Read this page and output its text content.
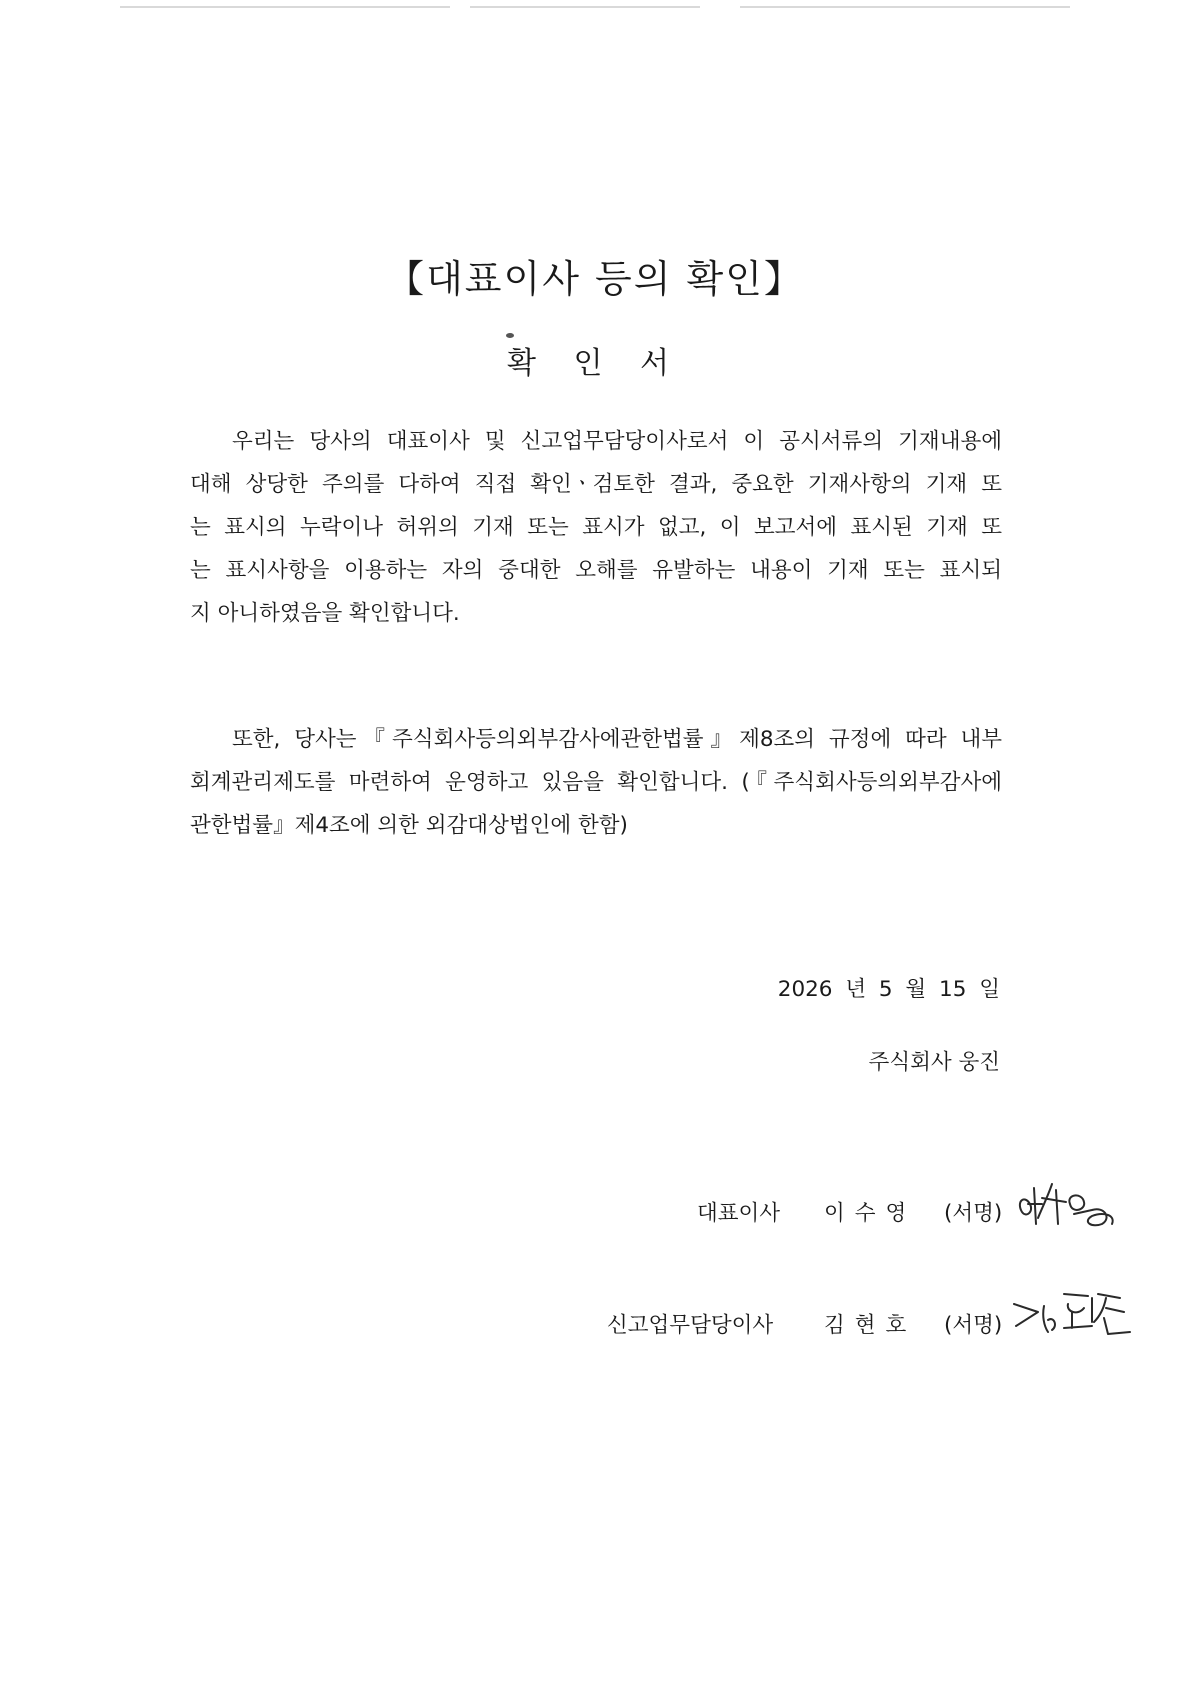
【대표이사 등의 확인】
확 인 서
우리는 당사의 대표이사 및 신고업무담당이사로서 이 공시서류의 기재내용에
대해 상당한 주의를 다하여 직접 확인ㆍ검토한 결과, 중요한 기재사항의 기재 또
는 표시의 누락이나 허위의 기재 또는 표시가 없고, 이 보고서에 표시된 기재 또
는 표시사항을 이용하는 자의 중대한 오해를 유발하는 내용이 기재 또는 표시되
지 아니하였음을 확인합니다.
또한, 당사는『주식회사등의외부감사에관한법률』제8조의 규정에 따라 내부
회계관리제도를 마련하여 운영하고 있음을 확인합니다. (『주식회사등의외부감사에
관한법률』제4조에 의한 외감대상법인에 한함)
2026 년 5 월 15 일
주식회사 웅진
대표이사 이수영 (서명)
신고업무담당이사 김현호 (서명)
